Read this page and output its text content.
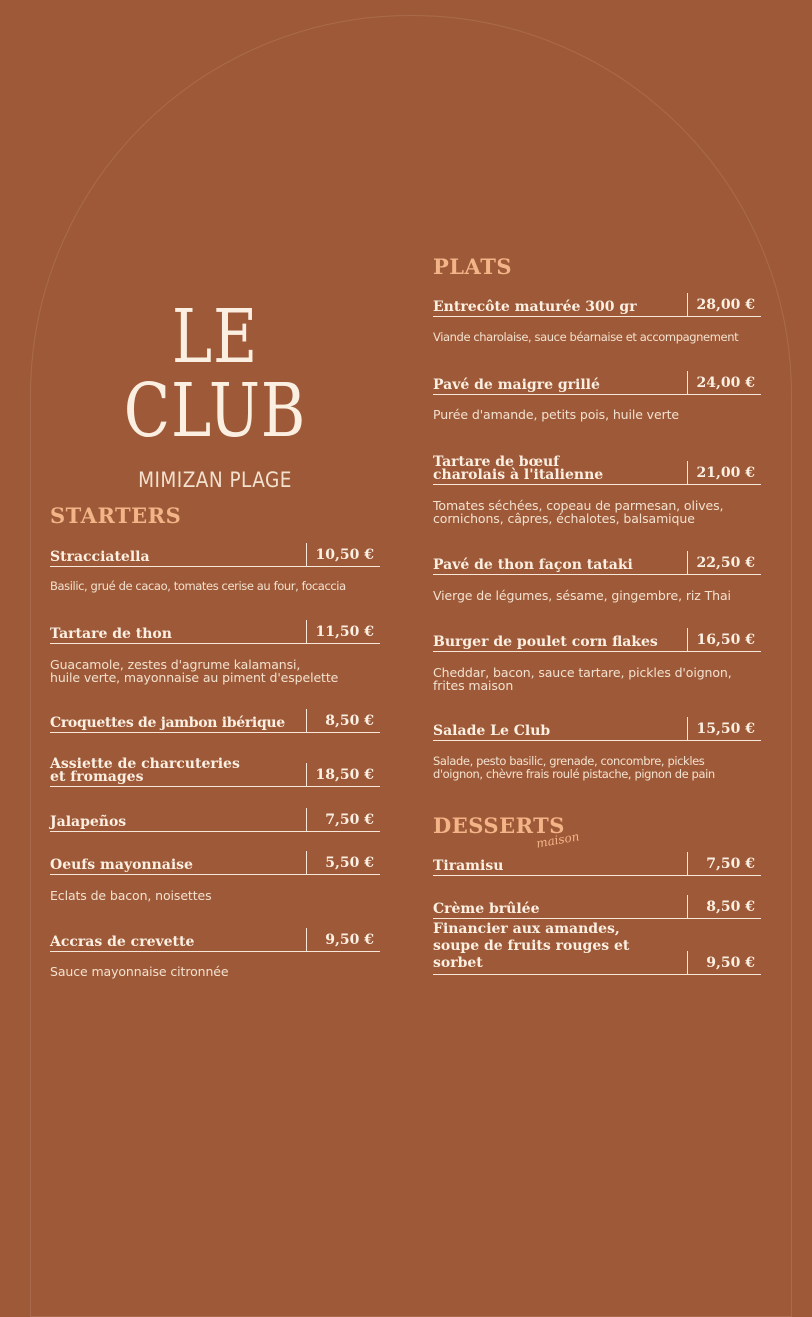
LE CLUB
MIMIZAN PLAGE
STARTERS
Stracciatella	10,50 €
Basilic, grué de cacao, tomates cerise au four, focaccia
Tartare de thon	11,50 €
Guacamole, zestes d'agrume kalamansi,
huile verte, mayonnaise au piment d'espelette
Croquettes de jambon ibérique	8,50 €
Assiette de charcuteries
et fromages	18,50 €
Jalapeños	7,50 €
Oeufs mayonnaise	5,50 €
Eclats de bacon, noisettes
Accras de crevette	9,50 €
Sauce mayonnaise citronnée
PLATS
Entrecôte maturée 300 gr	28,00 €
Viande charolaise, sauce béarnaise et accompagnement
Pavé de maigre grillé	24,00 €
Purée d'amande, petits pois, huile verte
Tartare de bœuf
charolais à l'italienne	21,00 €
Tomates séchées, copeau de parmesan, olives,
cornichons, câpres, échalotes, balsamique
Pavé de thon façon tataki	22,50 €
Vierge de légumes, sésame, gingembre, riz Thai
Burger de poulet corn flakes	16,50 €
Cheddar, bacon, sauce tartare, pickles d'oignon,
frites maison
Salade Le Club	15,50 €
Salade, pesto basilic, grenade, concombre, pickles
d'oignon, chèvre frais roulé pistache, pignon de pain
DESSERTS
maison
Tiramisu	7,50 €
Crème brûlée	8,50 €
Financier aux amandes,
soupe de fruits rouges et sorbet	9,50 €
